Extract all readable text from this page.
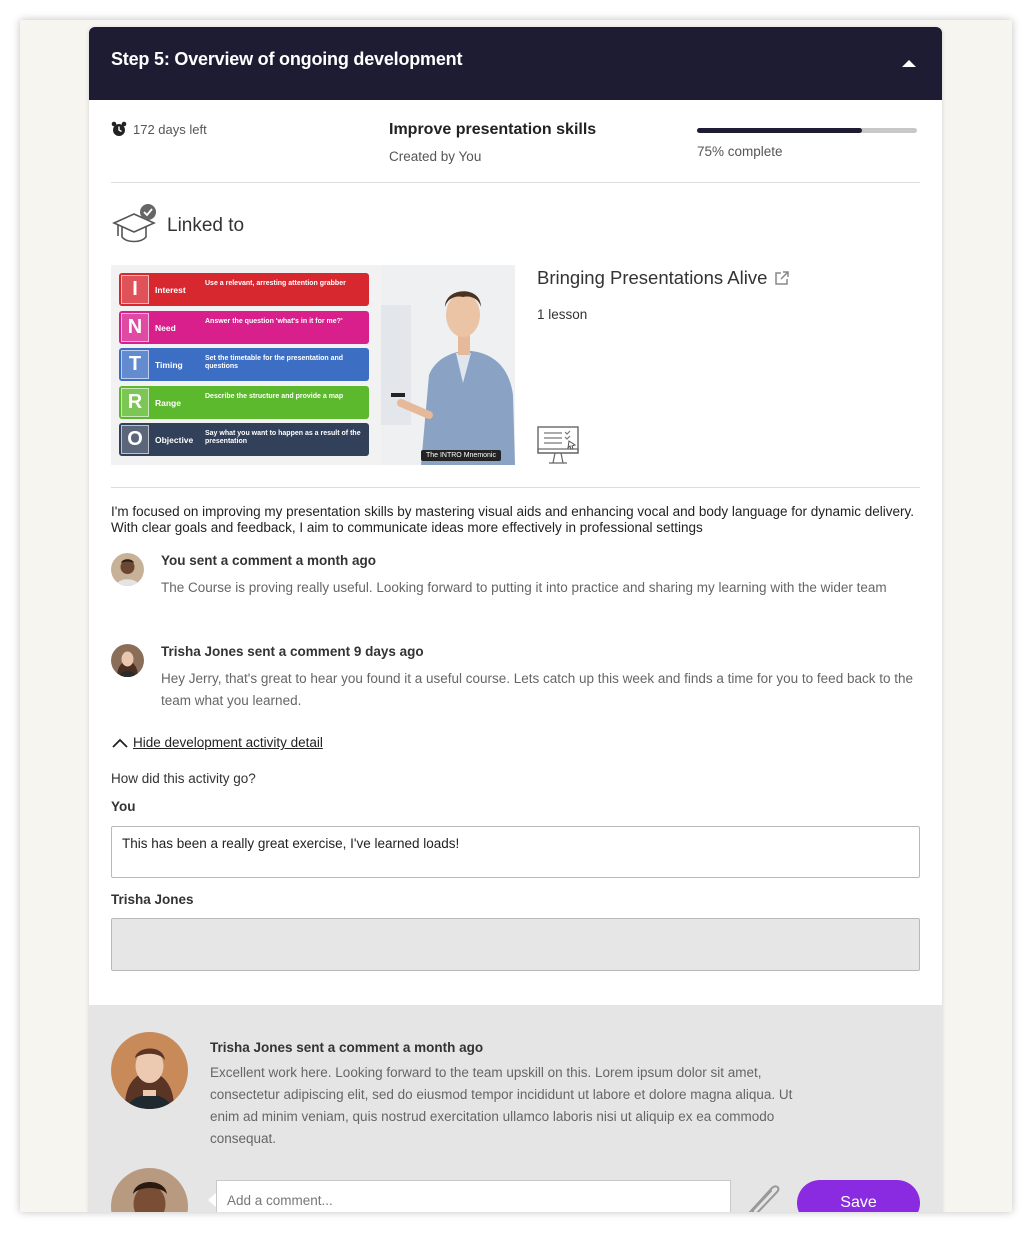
Step 5: Overview of ongoing development
172 days left	Improve presentation skills
Created by You	75% complete
Linked to
I	Interest
Use a relevant, arresting attention grabber
N	Need
Answer the question 'what's in it for me?'
T	Timing
Set the timetable for the presentation and questions
R	Range
Describe the structure and provide a map
O	Objective
Say what you want to happen as a result of the presentation
The INTRO Mnemonic
Bringing Presentations Alive
1 lesson
I'm focused on improving my presentation skills by mastering visual aids and enhancing vocal and body language for dynamic delivery. With clear goals and feedback, I aim to communicate ideas more effectively in professional settings
You sent a comment a month ago
The Course is proving really useful. Looking forward to putting it into practice and sharing my learning with the wider team
Trisha Jones sent a comment 9 days ago
Hey Jerry, that's great to hear you found it a useful course. Lets catch up this week and finds a time for you to feed back to the team what you learned.
Hide development activity detail
How did this activity go?
You
This has been a really great exercise, I've learned loads!
Trisha Jones
Trisha Jones sent a comment a month ago
Excellent work here. Looking forward to the team upskill on this. Lorem ipsum dolor sit amet, consectetur adipiscing elit, sed do eiusmod tempor incididunt ut labore et dolore magna aliqua. Ut enim ad minim veniam, quis nostrud exercitation ullamco laboris nisi ut aliquip ex ea commodo consequat.
Add a comment...
Save
